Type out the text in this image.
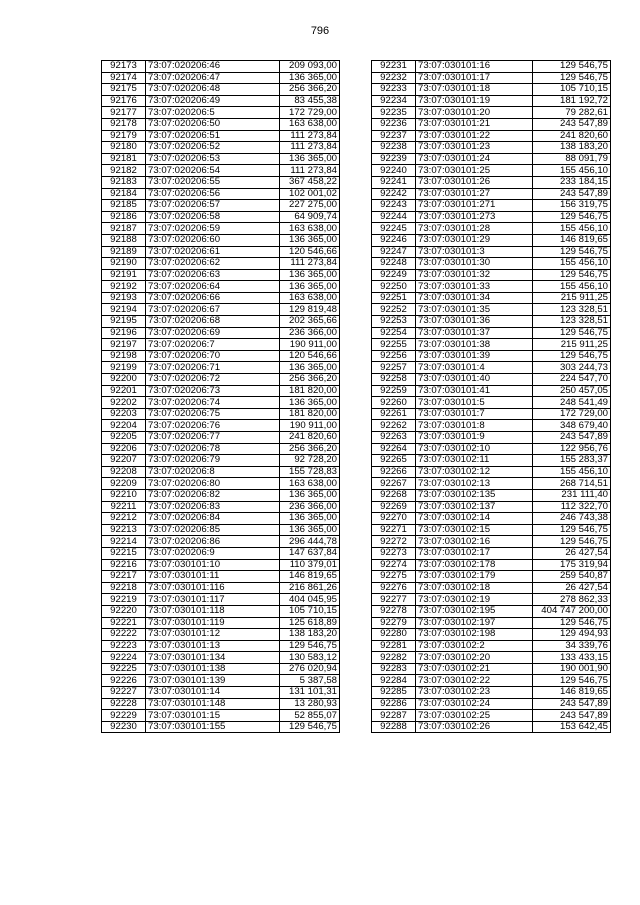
796
92173	73:07:020206:46	209 093,00
92174	73:07:020206:47	136 365,00
92175	73:07:020206:48	256 366,20
92176	73:07:020206:49	83 455,38
92177	73:07:020206:5	172 729,00
92178	73:07:020206:50	163 638,00
92179	73:07:020206:51	111 273,84
92180	73:07:020206:52	111 273,84
92181	73:07:020206:53	136 365,00
92182	73:07:020206:54	111 273,84
92183	73:07:020206:55	367 458,22
92184	73:07:020206:56	102 001,02
92185	73:07:020206:57	227 275,00
92186	73:07:020206:58	64 909,74
92187	73:07:020206:59	163 638,00
92188	73:07:020206:60	136 365,00
92189	73:07:020206:61	120 546,66
92190	73:07:020206:62	111 273,84
92191	73:07:020206:63	136 365,00
92192	73:07:020206:64	136 365,00
92193	73:07:020206:66	163 638,00
92194	73:07:020206:67	129 819,48
92195	73:07:020206:68	202 365,66
92196	73:07:020206:69	236 366,00
92197	73:07:020206:7	190 911,00
92198	73:07:020206:70	120 546,66
92199	73:07:020206:71	136 365,00
92200	73:07:020206:72	256 366,20
92201	73:07:020206:73	181 820,00
92202	73:07:020206:74	136 365,00
92203	73:07:020206:75	181 820,00
92204	73:07:020206:76	190 911,00
92205	73:07:020206:77	241 820,60
92206	73:07:020206:78	256 366,20
92207	73:07:020206:79	92 728,20
92208	73:07:020206:8	155 728,83
92209	73:07:020206:80	163 638,00
92210	73:07:020206:82	136 365,00
92211	73:07:020206:83	236 366,00
92212	73:07:020206:84	136 365,00
92213	73:07:020206:85	136 365,00
92214	73:07:020206:86	296 444,78
92215	73:07:020206:9	147 637,84
92216	73:07:030101:10	110 379,01
92217	73:07:030101:11	146 819,65
92218	73:07:030101:116	216 861,26
92219	73:07:030101:117	404 045,95
92220	73:07:030101:118	105 710,15
92221	73:07:030101:119	125 618,89
92222	73:07:030101:12	138 183,20
92223	73:07:030101:13	129 546,75
92224	73:07:030101:134	130 583,12
92225	73:07:030101:138	276 020,94
92226	73:07:030101:139	5 387,58
92227	73:07:030101:14	131 101,31
92228	73:07:030101:148	13 280,93
92229	73:07:030101:15	52 855,07
92230	73:07:030101:155	129 546,75
92231	73:07:030101:16	129 546,75
92232	73:07:030101:17	129 546,75
92233	73:07:030101:18	105 710,15
92234	73:07:030101:19	181 192,72
92235	73:07:030101:20	79 282,61
92236	73:07:030101:21	243 547,89
92237	73:07:030101:22	241 820,60
92238	73:07:030101:23	138 183,20
92239	73:07:030101:24	88 091,79
92240	73:07:030101:25	155 456,10
92241	73:07:030101:26	233 184,15
92242	73:07:030101:27	243 547,89
92243	73:07:030101:271	156 319,75
92244	73:07:030101:273	129 546,75
92245	73:07:030101:28	155 456,10
92246	73:07:030101:29	146 819,65
92247	73:07:030101:3	129 546,75
92248	73:07:030101:30	155 456,10
92249	73:07:030101:32	129 546,75
92250	73:07:030101:33	155 456,10
92251	73:07:030101:34	215 911,25
92252	73:07:030101:35	123 328,51
92253	73:07:030101:36	123 328,51
92254	73:07:030101:37	129 546,75
92255	73:07:030101:38	215 911,25
92256	73:07:030101:39	129 546,75
92257	73:07:030101:4	303 244,73
92258	73:07:030101:40	224 547,70
92259	73:07:030101:41	250 457,05
92260	73:07:030101:5	248 541,49
92261	73:07:030101:7	172 729,00
92262	73:07:030101:8	348 679,40
92263	73:07:030101:9	243 547,89
92264	73:07:030102:10	122 956,76
92265	73:07:030102:11	155 283,37
92266	73:07:030102:12	155 456,10
92267	73:07:030102:13	268 714,51
92268	73:07:030102:135	231 111,40
92269	73:07:030102:137	112 322,70
92270	73:07:030102:14	246 743,38
92271	73:07:030102:15	129 546,75
92272	73:07:030102:16	129 546,75
92273	73:07:030102:17	26 427,54
92274	73:07:030102:178	175 319,94
92275	73:07:030102:179	259 540,87
92276	73:07:030102:18	26 427,54
92277	73:07:030102:19	278 862,33
92278	73:07:030102:195	404 747 200,00
92279	73:07:030102:197	129 546,75
92280	73:07:030102:198	129 494,93
92281	73:07:030102:2	34 339,76
92282	73:07:030102:20	133 433,15
92283	73:07:030102:21	190 001,90
92284	73:07:030102:22	129 546,75
92285	73:07:030102:23	146 819,65
92286	73:07:030102:24	243 547,89
92287	73:07:030102:25	243 547,89
92288	73:07:030102:26	153 642,45
